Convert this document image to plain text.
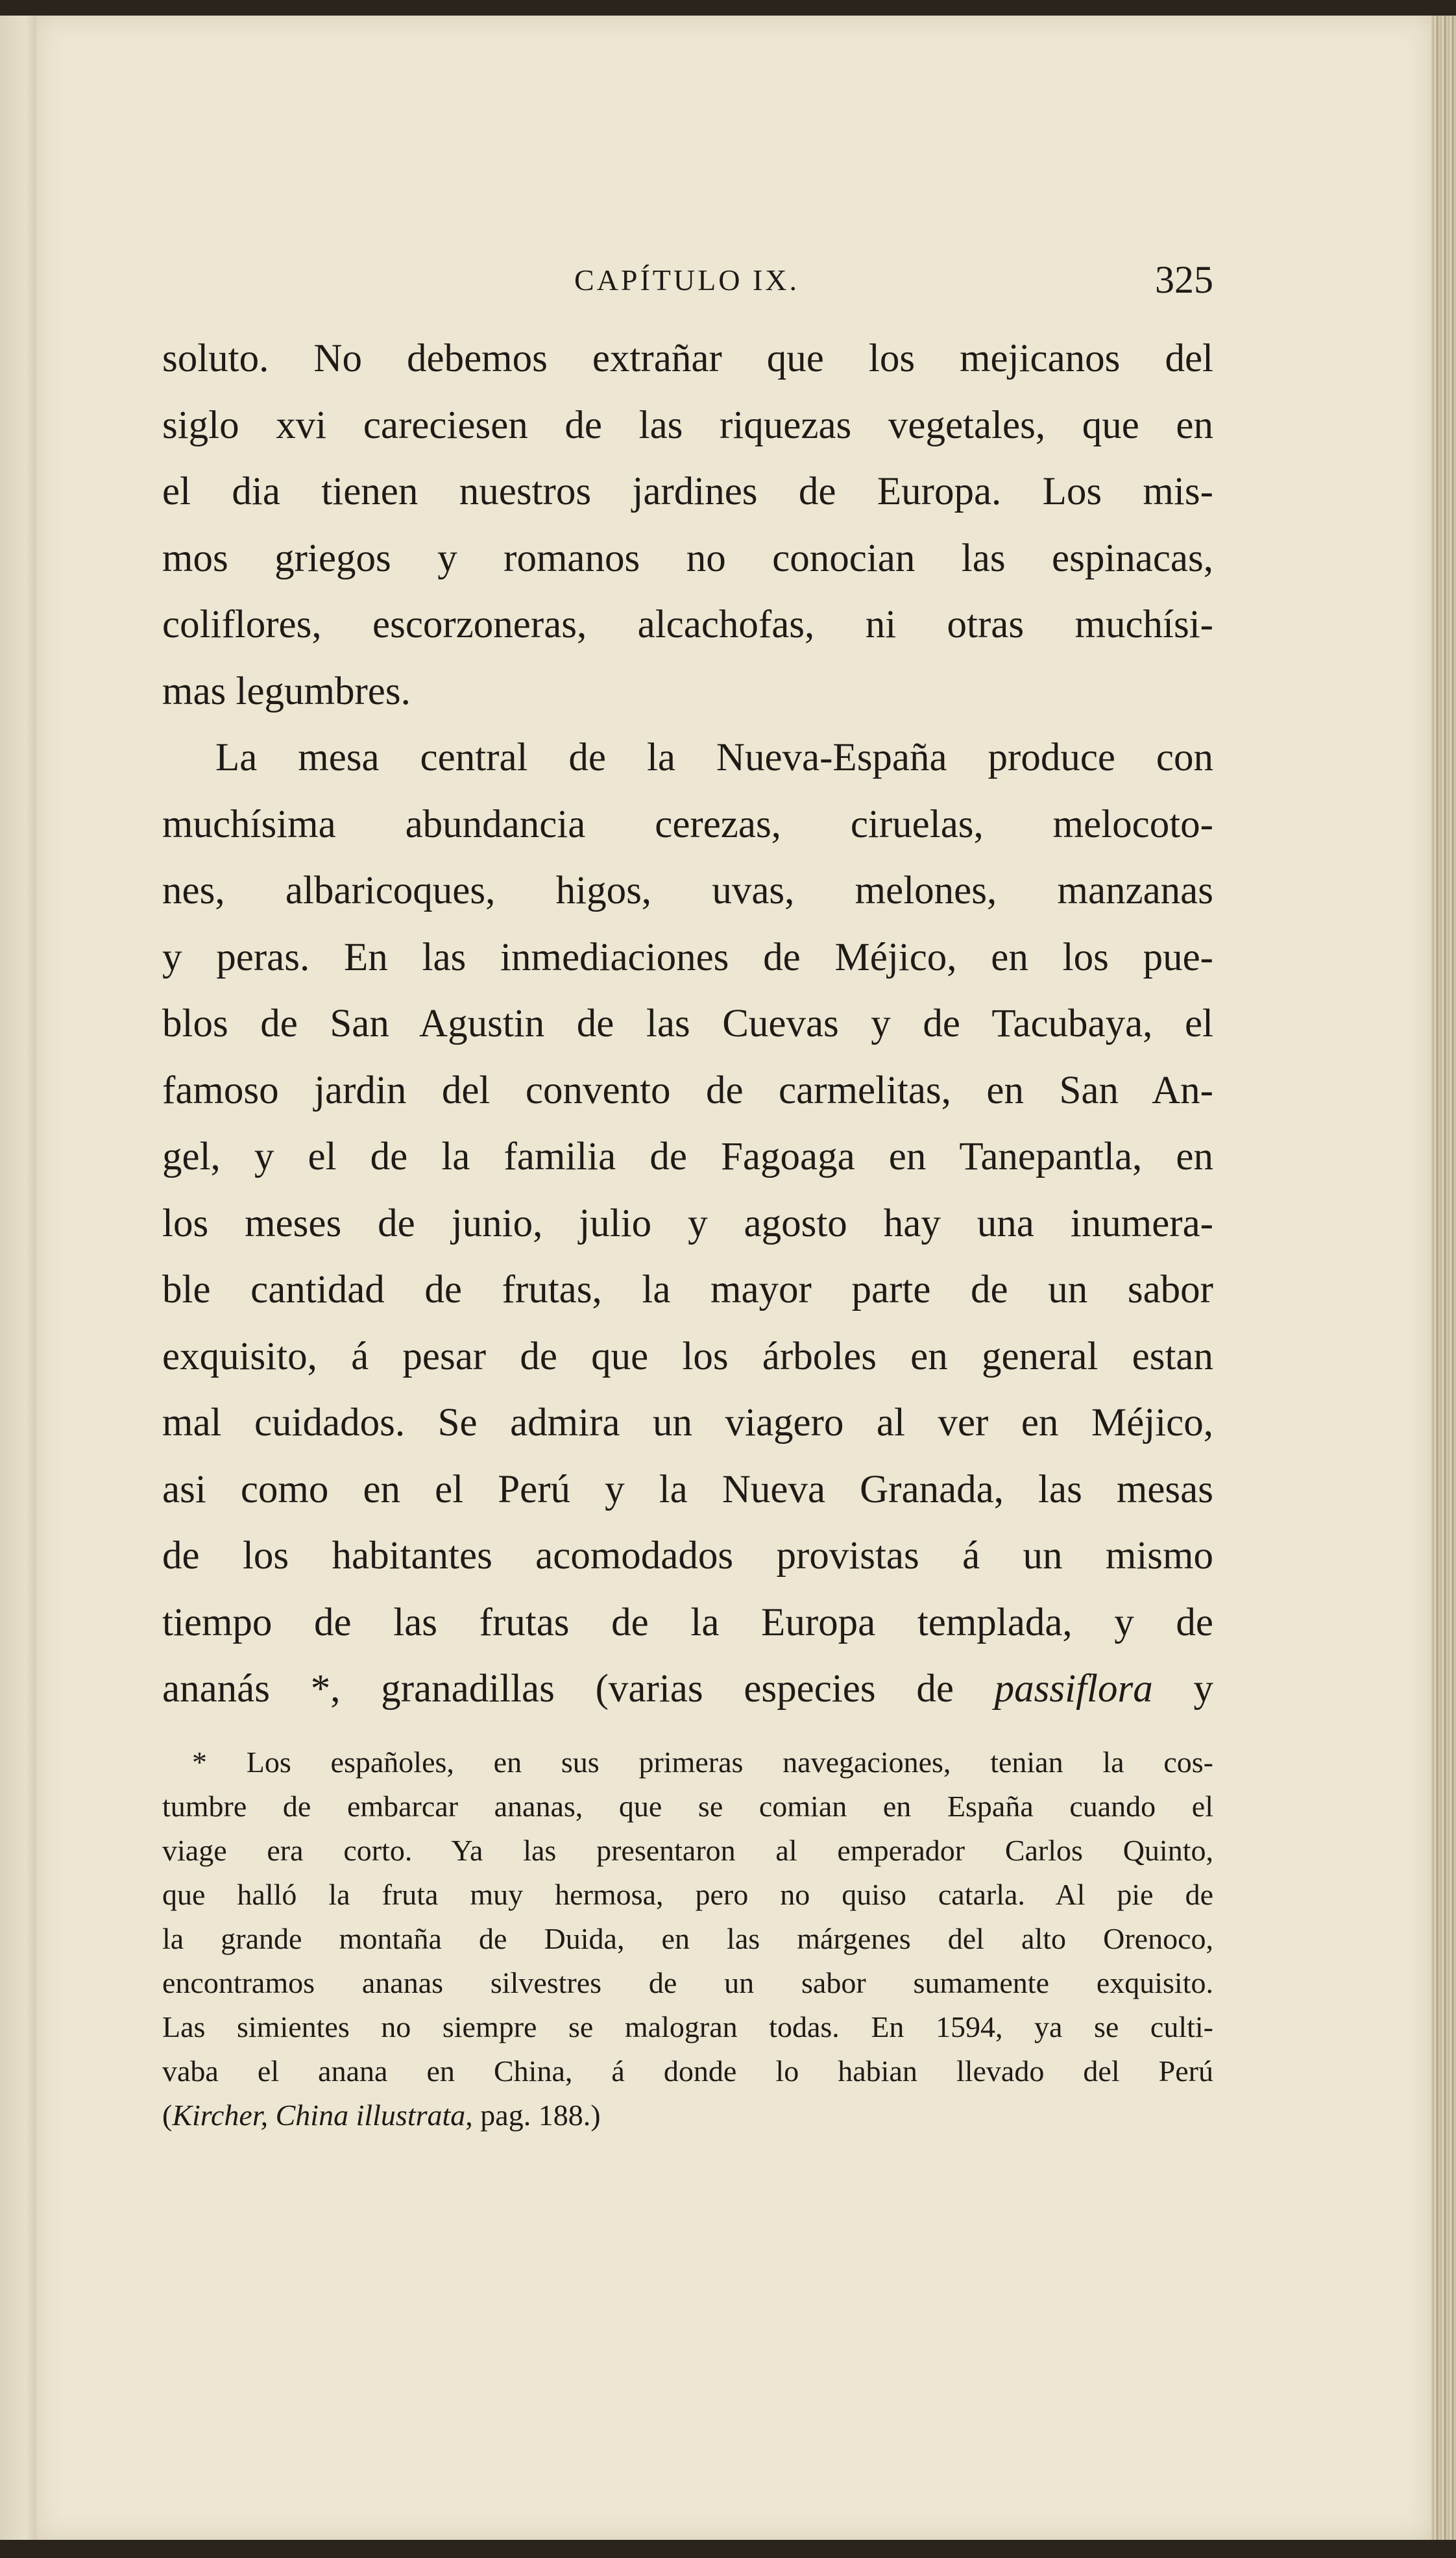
CAPÍTULO IX.	325
soluto. No debemos extrañar que los mejicanos del
siglo xvi careciesen de las riquezas vegetales, que en
el dia tienen nuestros jardines de Europa. Los mis-
mos griegos y romanos no conocian las espinacas,
coliflores, escorzoneras, alcachofas, ni otras muchísi-
mas legumbres.
La mesa central de la Nueva-España produce con
muchísima abundancia cerezas, ciruelas, melocoto-
nes, albaricoques, higos, uvas, melones, manzanas
y peras. En las inmediaciones de Méjico, en los pue-
blos de San Agustin de las Cuevas y de Tacubaya, el
famoso jardin del convento de carmelitas, en San An-
gel, y el de la familia de Fagoaga en Tanepantla, en
los meses de junio, julio y agosto hay una inumera-
ble cantidad de frutas, la mayor parte de un sabor
exquisito, á pesar de que los árboles en general estan
mal cuidados. Se admira un viagero al ver en Méjico,
asi como en el Perú y la Nueva Granada, las mesas
de los habitantes acomodados provistas á un mismo
tiempo de las frutas de la Europa templada, y de
ananás *, granadillas (varias especies de passiflora y
* Los españoles, en sus primeras navegaciones, tenian la cos-
tumbre de embarcar ananas, que se comian en España cuando el
viage era corto. Ya las presentaron al emperador Carlos Quinto,
que halló la fruta muy hermosa, pero no quiso catarla. Al pie de
la grande montaña de Duida, en las márgenes del alto Orenoco,
encontramos ananas silvestres de un sabor sumamente exquisito.
Las simientes no siempre se malogran todas. En 1594, ya se culti-
vaba el anana en China, á donde lo habian llevado del Perú
(Kircher, China illustrata, pag. 188.)
